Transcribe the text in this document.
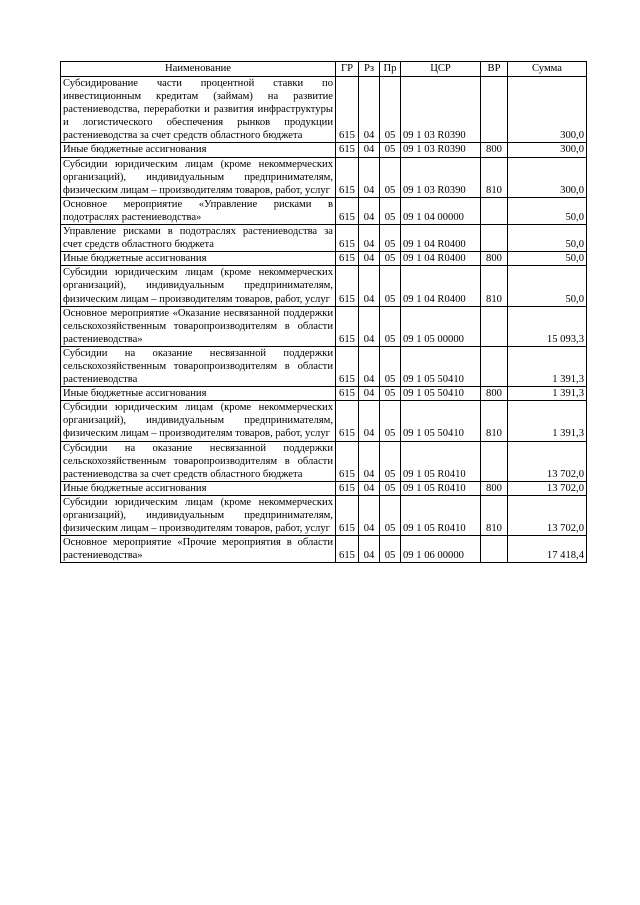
Наименование	ГР	Рз	Пр	ЦСР	ВР	Сумма
Субсидирование части процентной ставки по инвестиционным кредитам (займам) на развитие растениеводства, переработки и развития инфраструктуры и логистического обеспечения рынков продукции растениеводства за счет средств областного бюджета	615	04	05	09 1 03 R0390		300,0
Иные бюджетные ассигнования	615	04	05	09 1 03 R0390	800	300,0
Субсидии юридическим лицам (кроме некоммерческих организаций), индивидуальным предпринимателям, физическим лицам – производителям товаров, работ, услуг	615	04	05	09 1 03 R0390	810	300,0
Основное мероприятие «Управление рисками в подотраслях растениеводства»	615	04	05	09 1 04 00000		50,0
Управление рисками в подотраслях растениеводства за счет средств областного бюджета	615	04	05	09 1 04 R0400		50,0
Иные бюджетные ассигнования	615	04	05	09 1 04 R0400	800	50,0
Субсидии юридическим лицам (кроме некоммерческих организаций), индивидуальным предпринимателям, физическим лицам – производителям товаров, работ, услуг	615	04	05	09 1 04 R0400	810	50,0
Основное мероприятие «Оказание несвязанной поддержки сельскохозяйственным товаропроизводителям в области растениеводства»	615	04	05	09 1 05 00000		15 093,3
Субсидии на оказание несвязанной поддержки сельскохозяйственным товаропроизводителям в области растениеводства	615	04	05	09 1 05 50410		1 391,3
Иные бюджетные ассигнования	615	04	05	09 1 05 50410	800	1 391,3
Субсидии юридическим лицам (кроме некоммерческих организаций), индивидуальным предпринимателям, физическим лицам – производителям товаров, работ, услуг	615	04	05	09 1 05 50410	810	1 391,3
Субсидии на оказание несвязанной поддержки сельскохозяйственным товаропроизводителям в области растениеводства за счет средств областного бюджета	615	04	05	09 1 05 R0410		13 702,0
Иные бюджетные ассигнования	615	04	05	09 1 05 R0410	800	13 702,0
Субсидии юридическим лицам (кроме некоммерческих организаций), индивидуальным предпринимателям, физическим лицам – производителям товаров, работ, услуг	615	04	05	09 1 05 R0410	810	13 702,0
Основное мероприятие «Прочие мероприятия в области растениеводства»	615	04	05	09 1 06 00000		17 418,4
